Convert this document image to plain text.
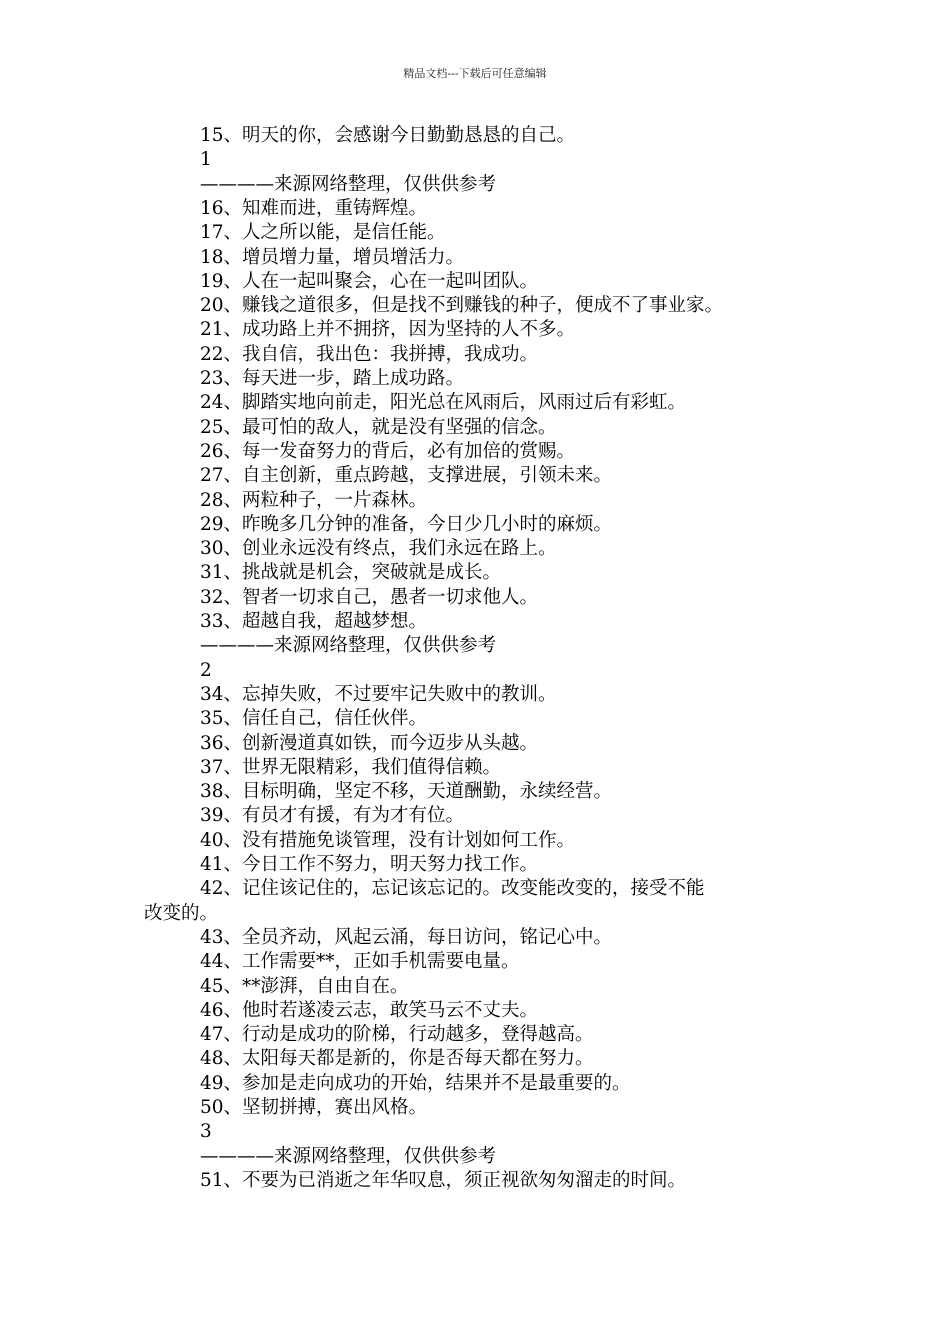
精品文档---下载后可任意编辑
15、明天的你，会感谢今日勤勤恳恳的自己。
1
————来源网络整理，仅供供参考
16、知难而进，重铸辉煌。
17、人之所以能，是信任能。
18、增员增力量，增员增活力。
19、人在一起叫聚会，心在一起叫团队。
20、赚钱之道很多，但是找不到赚钱的种子，便成不了事业家。
21、成功路上并不拥挤，因为坚持的人不多。
22、我自信，我出色：我拼搏，我成功。
23、每天进一步，踏上成功路。
24、脚踏实地向前走，阳光总在风雨后，风雨过后有彩虹。
25、最可怕的敌人，就是没有坚强的信念。
26、每一发奋努力的背后，必有加倍的赏赐。
27、自主创新，重点跨越，支撑进展，引领未来。
28、两粒种子，一片森林。
29、昨晚多几分钟的准备，今日少几小时的麻烦。
30、创业永远没有终点，我们永远在路上。
31、挑战就是机会，突破就是成长。
32、智者一切求自己，愚者一切求他人。
33、超越自我，超越梦想。
————来源网络整理，仅供供参考
2
34、忘掉失败，不过要牢记失败中的教训。
35、信任自己，信任伙伴。
36、创新漫道真如铁，而今迈步从头越。
37、世界无限精彩，我们值得信赖。
38、目标明确，坚定不移，天道酬勤，永续经营。
39、有员才有援，有为才有位。
40、没有措施免谈管理，没有计划如何工作。
41、今日工作不努力，明天努力找工作。
42、记住该记住的，忘记该忘记的。改变能改变的，接受不能
改变的。
43、全员齐动，风起云涌，每日访问，铭记心中。
44、工作需要**，正如手机需要电量。
45、**澎湃，自由自在。
46、他时若遂凌云志，敢笑马云不丈夫。
47、行动是成功的阶梯，行动越多，登得越高。
48、太阳每天都是新的，你是否每天都在努力。
49、参加是走向成功的开始，结果并不是最重要的。
50、坚韧拼搏，赛出风格。
3
————来源网络整理，仅供供参考
51、不要为已消逝之年华叹息，须正视欲匆匆溜走的时间。
